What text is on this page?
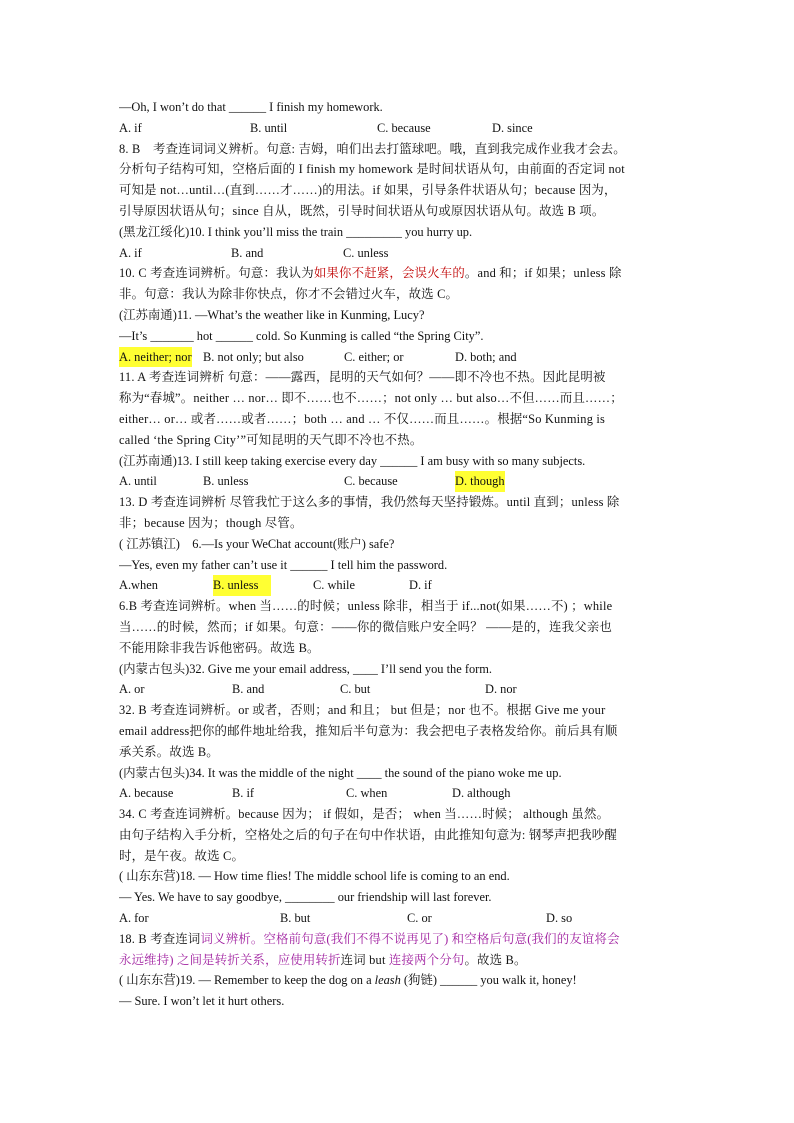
—Oh, I won’t do that ______ I finish my homework.
A. if	B. until	C. because	D. since
8. B　考查连词词义辨析。句意: 吉姆，咱们出去打篮球吧。哦，直到我完成作业我才会去。
分析句子结构可知，空格后面的 I finish my homework 是时间状语从句，由前面的否定词 not
可知是 not…until…(直到……才……)的用法。if 如果，引导条件状语从句；because 因为，
引导原因状语从句；since 自从，既然，引导时间状语从句或原因状语从句。故选 B 项。
(黑龙江绥化)10. I think you’ll miss the train _________ you hurry up.
A. if	B. and	C. unless
10. C 考查连词辨析。句意：我认为如果你不赶紧，会误火车的。and 和；if 如果；unless 除
非。句意：我认为除非你快点，你才不会错过火车，故选 C。
(江苏南通)11. —What’s the weather like in Kunming, Lucy?
—It’s _______ hot ______ cold. So Kunming is called “the Spring City”.
A. neither; nor B. not only; but also	C. either; or	D. both; and
11. A 考查连词辨析 句意：——露西，昆明的天气如何？——即不冷也不热。因此昆明被
称为“春城”。neither … nor… 即不……也不……；not only … but also…不但……而且……；
either… or… 或者……或者……；both … and … 不仅……而且……。根据“So Kunming is
called ‘the Spring City’”可知昆明的天气即不冷也不热。
(江苏南通)13. I still keep taking exercise every day ______ I am busy with so many subjects.
A. until	B. unless	C. because	D. though
13. D 考查连词辨析 尽管我忙于这么多的事情，我仍然每天坚持锻炼。until 直到；unless 除
非；because 因为；though 尽管。
( 江苏镇江)　6.—Is your WeChat account(账户) safe?
—Yes, even my father can’t use it ______ I tell him the password.
A.when	B. unless　	C. while	D. if
6.B 考查连词辨析。when 当……的时候；unless 除非，相当于 if...not(如果……不) ；while
当……的时候，然而；if 如果。句意：——你的微信账户安全吗？ ——是的，连我父亲也
不能用除非我告诉他密码。故选 B。
(内蒙古包头)32. Give me your email address, ____ I’ll send you the form.
A. or	B. and	C. but	D. nor
32. B 考查连词辨析。or 或者，否则；and 和且； but 但是；nor 也不。根据 Give me your
email address把你的邮件地址给我，推知后半句意为：我会把电子表格发给你。前后具有顺
承关系。故选 B。
(内蒙古包头)34. It was the middle of the night ____ the sound of the piano woke me up.
A. because	B. if	C. when	D. although
34. C 考查连词辨析。because 因为； if 假如，是否； when 当……时候； although 虽然。
由句子结构入手分析，空格处之后的句子在句中作状语，由此推知句意为: 钢琴声把我吵醒
时，是午夜。故选 C。
( 山东东营)18. — How time flies! The middle school life is coming to an end.
— Yes. We have to say goodbye, ________ our friendship will last forever.
A. for	B. but	C. or	D. so
18. B 考查连词词义辨析。空格前句意(我们不得不说再见了) 和空格后句意(我们的友谊将会
永远维持) 之间是转折关系，应使用转折连词 but 连接两个分句。故选 B。
( 山东东营)19. — Remember to keep the dog on a leash (狗链) ______ you walk it, honey!
— Sure. I won’t let it hurt others.
